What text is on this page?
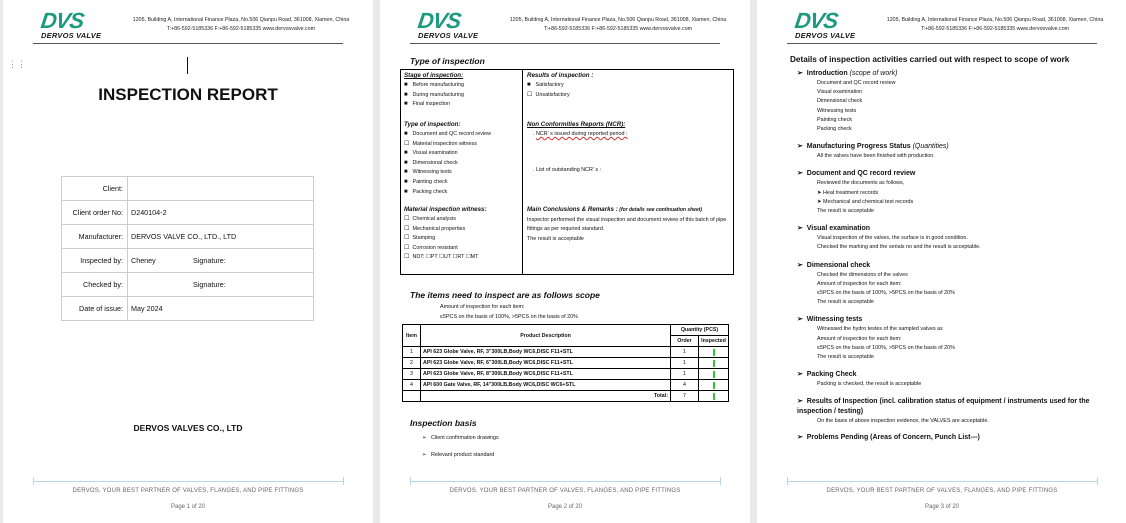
DVS
DERVOS VALVE
1205, Building A, International Finance Plaza, No.506 Qianpu Road, 361008, Xiamen, China
T:+86-592-5185336 F:+86-592-5185335 www.dervosvalve.com
⋮⋮
INSPECTION REPORT
Client:	
Client order No:	D240104-2
Manufacturer:	DERVOS VALVE CO., LTD., LTD
Inspected by:	Cheney Signature:
Checked by:	Signature:
Date of issue:	May 2024
DERVOS VALVES CO., LTD
DERVOS, YOUR BEST PARTNER OF VALVES, FLANGES, AND PIPE FITTINGS
Page 1 of 20
DVS
DERVOS VALVE
1205, Building A, International Finance Plaza, No.506 Qianpu Road, 361008, Xiamen, China
T:+86-592-5185336 F:+86-592-5185335 www.dervosvalve.com
Type of inspection
Stage of inspection:
■ Before manufacturing
■ During manufacturing
■ Final inspection
Results of inspection :
■ Satisfactory
☐ Unsatisfactory
Type of inspection:
■ Document and QC record review
☐ Material inspection witness
■ Visual examination
■ Dimensional check
■ Witnessing tests
■ Painting check
■ Packing check
Non Conformities Reports (NCR):
. NCR’ s issued during reported period :
. List of outstanding NCR’ s :
Material inspection witness:
☐ Chemical analysis
☐ Mechanical properties
☐ Stamping
☐ Corrosion resistant
☐ NDT: ☐PT ☐UT ☐RT ☐MT
Main Conclusions & Remarks : (for details see continuation sheet)
Inspector performed the visual inspection and document review of this batch of pipe fittings as per required standard.
The result is acceptable
The items need to inspect are as follows scope
Amount of inspection for each item:
≤5PCS on the basis of 100%, >5PCS on the basis of 20%
Item	Product Description	Quantity (PCS)	
		Order	Inspected
1	API 623 Globe Valve, RF, 3"300LB,Body WC6,DISC F11+STL	1	
2	API 623 Globe Valve, RF, 6"300LB,Body WC6,DISC F11+STL	1	
3	API 623 Globe Valve, RF, 8"300LB,Body WC6,DISC F11+STL	1	
4	API 600 Gate Valve, RF, 14"300LB,Body WC6,DISC WC6+STL	4	
	Total:	7	
Inspection basis
➢   Client confirmation drawings
➢   Relevant product standard
DERVOS, YOUR BEST PARTNER OF VALVES, FLANGES, AND PIPE FITTINGS
Page 2 of 20
DVS
DERVOS VALVE
1205, Building A, International Finance Plaza, No.506 Qianpu Road, 361008, Xiamen, China
T:+86-592-5185336 F:+86-592-5185335 www.dervosvalve.com
Details of inspection activities carried out with respect to scope of work
➢  Introduction (scope of work)
Document and QC record review
Visual examination
Dimensional check
Witnessing tests
Painting check
Packing check
➢  Manufacturing Progress Status (Quantities)
All the valves have been finished with production.
➢  Document and QC record review
Reviewed the documents as follows,
➤ Heat treatment records
➤ Mechanical and chemical test records
The result is acceptable
➢  Visual examination
Visual inspection of the valves, the surface is in good condition.
Checked the marking and the serials no and the result is acceptable.
➢  Dimensional check
Checked the dimensions of the valves
Amount of inspection for each item:
≤5PCS on the basis of 100%, >5PCS on the basis of 20%
The result is acceptable
➢  Witnessing tests
Witnessed the hydro testes of the sampled valves as
Amount of inspection for each item:
≤5PCS on the basis of 100%, >5PCS on the basis of 20%
The result is acceptable
➢  Packing Check
Packing is checked, the result is acceptable
➢  Results of Inspection (incl. calibration status of equipment / instruments used for the inspection / testing)
On the basis of above inspection evidence, the VALVES are acceptable.
➢  Problems Pending (Areas of Concern, Punch List---)
DERVOS, YOUR BEST PARTNER OF VALVES, FLANGES, AND PIPE FITTINGS
Page 3 of 20
